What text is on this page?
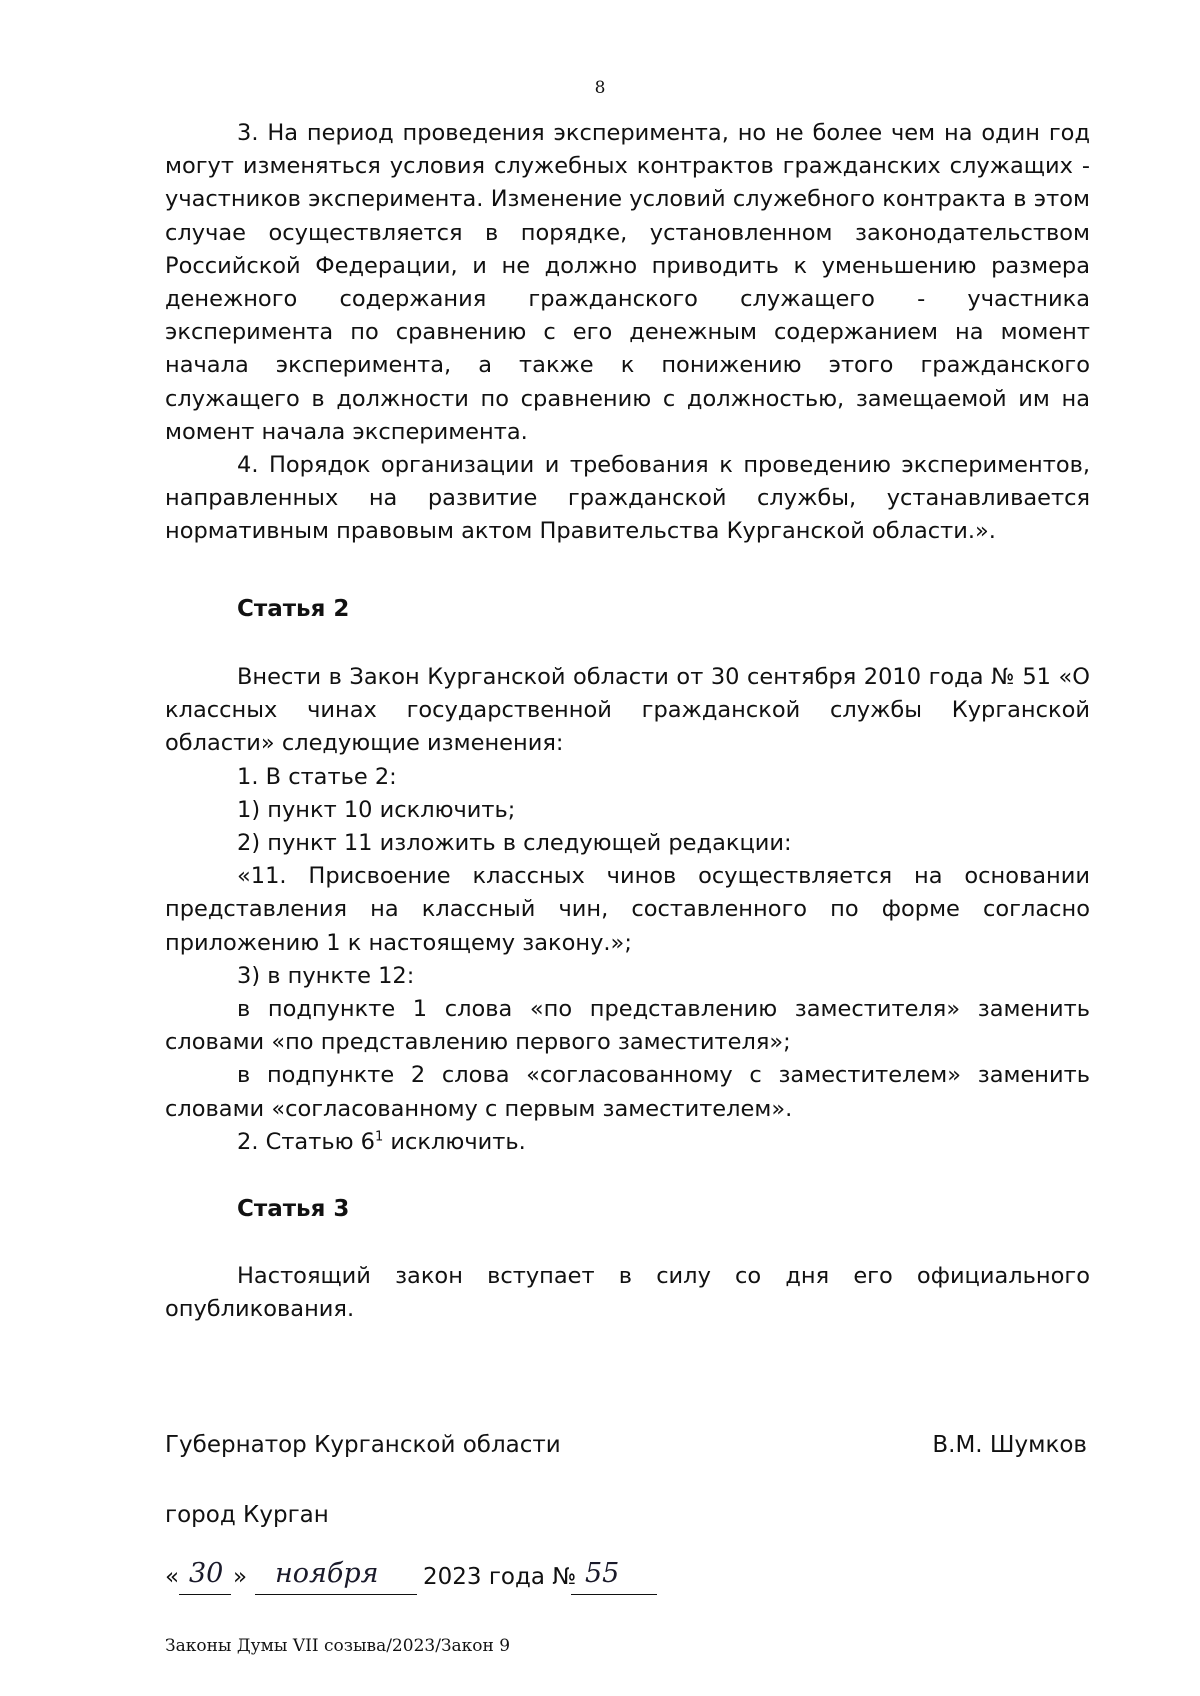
8

3. На период проведения эксперимента, но не более чем на один год могут изменяться условия служебных контрактов гражданских служащих - участников эксперимента. Изменение условий служебного контракта в этом случае осуществляется в порядке, установленном законодательством Российской Федерации, и не должно приводить к уменьшению размера денежного содержания гражданского служащего - участника эксперимента по сравнению с его денежным содержанием на момент начала эксперимента, а также к понижению этого гражданского служащего в должности по сравнению с должностью, замещаемой им на момент начала эксперимента.

4. Порядок организации и требования к проведению экспериментов, направленных на развитие гражданской службы, устанавливается нормативным правовым актом Правительства Курганской области.».

Статья 2

Внести в Закон Курганской области от 30 сентября 2010 года № 51 «О классных чинах государственной гражданской службы Курганской области» следующие изменения:

1. В статье 2:

1) пункт 10 исключить;

2) пункт 11 изложить в следующей редакции:

«11. Присвоение классных чинов осуществляется на основании представления на классный чин, составленного по форме согласно приложению 1 к настоящему закону.»;

3) в пункте 12:

в подпункте 1 слова «по представлению заместителя» заменить словами «по представлению первого заместителя»;

в подпункте 2 слова «согласованному с заместителем» заменить словами «согласованному с первым заместителем».

2. Статью $6^1$ исключить.

Статья 3

Настоящий закон вступает в силу со дня его официального опубликования.

Губернатор Курганской области	В.М. Шумков
город Курган
« 30 » ноября 2023 года № 55
Законы Думы VII созыва/2023/Закон 9
